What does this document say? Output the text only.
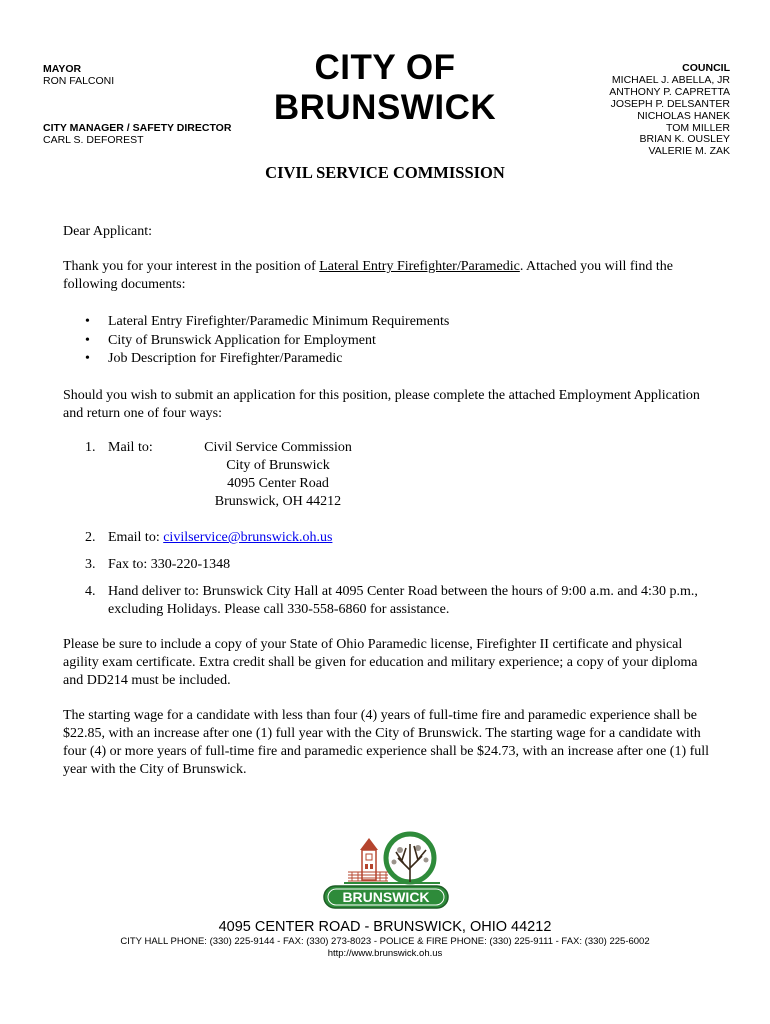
MAYOR
RON FALCONI	CITY OF BRUNSWICK
CITY MANAGER / SAFETY DIRECTOR
CARL S. DEFOREST
COUNCIL
MICHAEL J. ABELLA, JR
ANTHONY P. CAPRETTA
JOSEPH P. DELSANTER
NICHOLAS HANEK
TOM MILLER
BRIAN K. OUSLEY
VALERIE M. ZAK
CIVIL SERVICE COMMISSION
Dear Applicant:
Thank you for your interest in the position of Lateral Entry Firefighter/Paramedic. Attached you will find the following documents:
• Lateral Entry Firefighter/Paramedic Minimum Requirements
• City of Brunswick Application for Employment
• Job Description for Firefighter/Paramedic
Should you wish to submit an application for this position, please complete the attached Employment Application and return one of four ways:
1. Mail to:	Civil Service Commission
City of Brunswick
4095 Center Road
Brunswick, OH 44212
2. Email to: civilservice@brunswick.oh.us
3. Fax to: 330-220-1348
4. Hand deliver to: Brunswick City Hall at 4095 Center Road between the hours of 9:00 a.m. and 4:30 p.m., excluding Holidays. Please call 330-558-6860 for assistance.
Please be sure to include a copy of your State of Ohio Paramedic license, Firefighter II certificate and physical agility exam certificate. Extra credit shall be given for education and military experience; a copy of your diploma and DD214 must be included.
The starting wage for a candidate with less than four (4) years of full-time fire and paramedic experience shall be $22.85, with an increase after one (1) full year with the City of Brunswick. The starting wage for a candidate with four (4) or more years of full-time fire and paramedic experience shall be $24.73, with an increase after one (1) full year with the City of Brunswick.
BRUNSWICK
4095 CENTER ROAD - BRUNSWICK, OHIO 44212
CITY HALL PHONE: (330) 225-9144 - FAX: (330) 273-8023 - POLICE & FIRE PHONE: (330) 225-9111 - FAX: (330) 225-6002
http://www.brunswick.oh.us
